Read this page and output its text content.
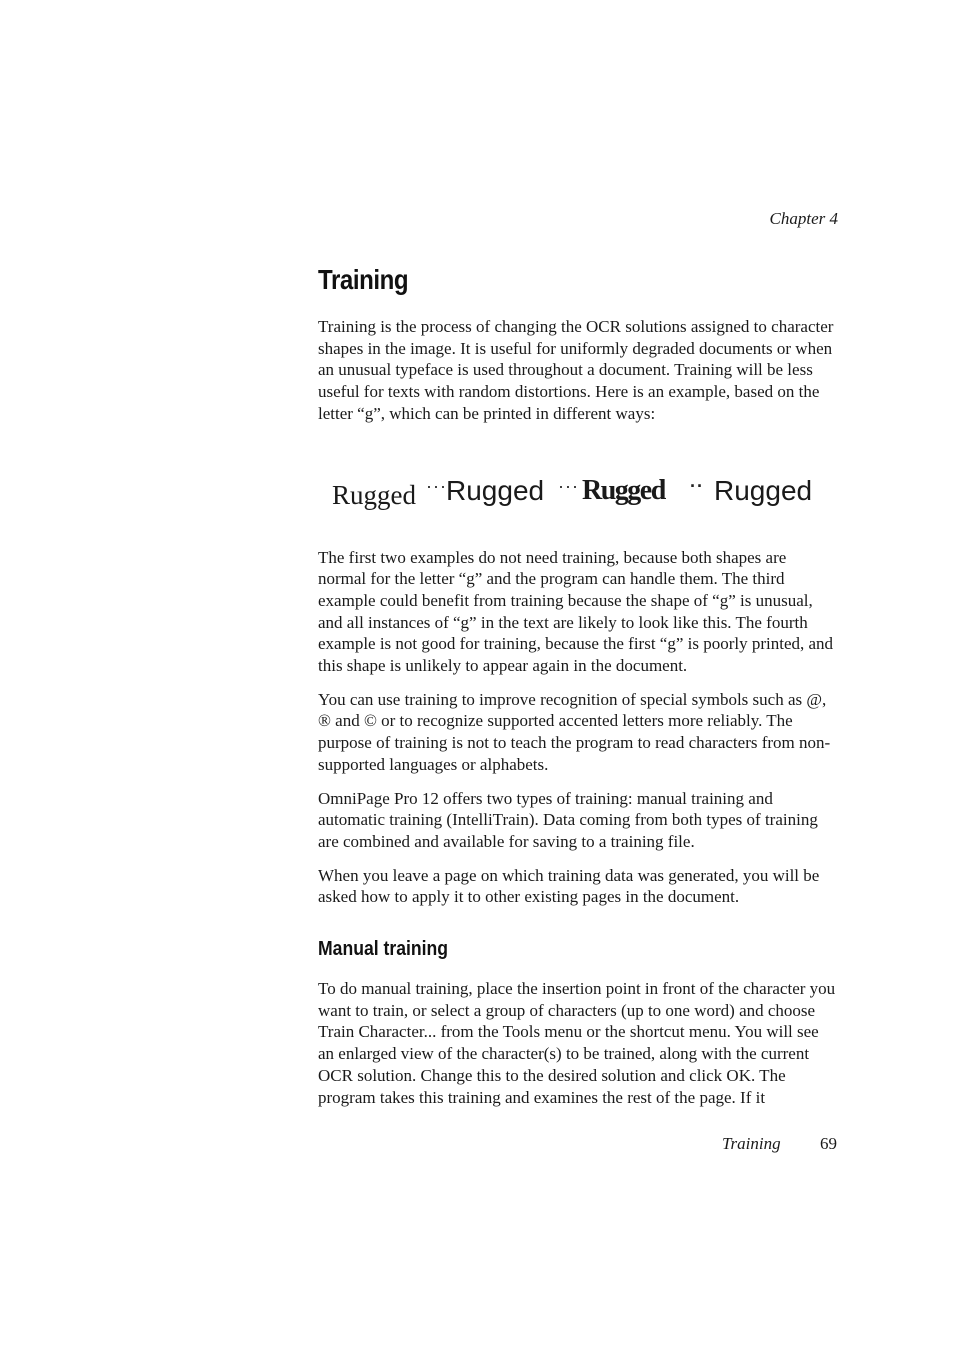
Chapter 4
Training

Training is the process of changing the OCR solutions assigned to character shapes in the image. It is useful for uniformly degraded documents or when an unusual typeface is used throughout a document. Training will be less useful for texts with random distortions. Here is an example, based on the letter “g”, which can be printed in different ways:

Rugged ··· Rugged ··· Rugged ·· Rugged

The first two examples do not need training, because both shapes are normal for the letter “g” and the program can handle them. The third example could benefit from training because the shape of “g” is unusual, and all instances of “g” in the text are likely to look like this. The fourth example is not good for training, because the first “g” is poorly printed, and this shape is unlikely to appear again in the document.

You can use training to improve recognition of special symbols such as @, ® and © or to recognize supported accented letters more reliably. The purpose of training is not to teach the program to read characters from non-supported languages or alphabets.

OmniPage Pro 12 offers two types of training: manual training and automatic training (IntelliTrain). Data coming from both types of training are combined and available for saving to a training file.

When you leave a page on which training data was generated, you will be asked how to apply it to other existing pages in the document.

Manual training

To do manual training, place the insertion point in front of the character you want to train, or select a group of characters (up to one word) and choose Train Character... from the Tools menu or the shortcut menu. You will see an enlarged view of the character(s) to be trained, along with the current OCR solution. Change this to the desired solution and click OK. The program takes this training and examines the rest of the page. If it

Training 69
